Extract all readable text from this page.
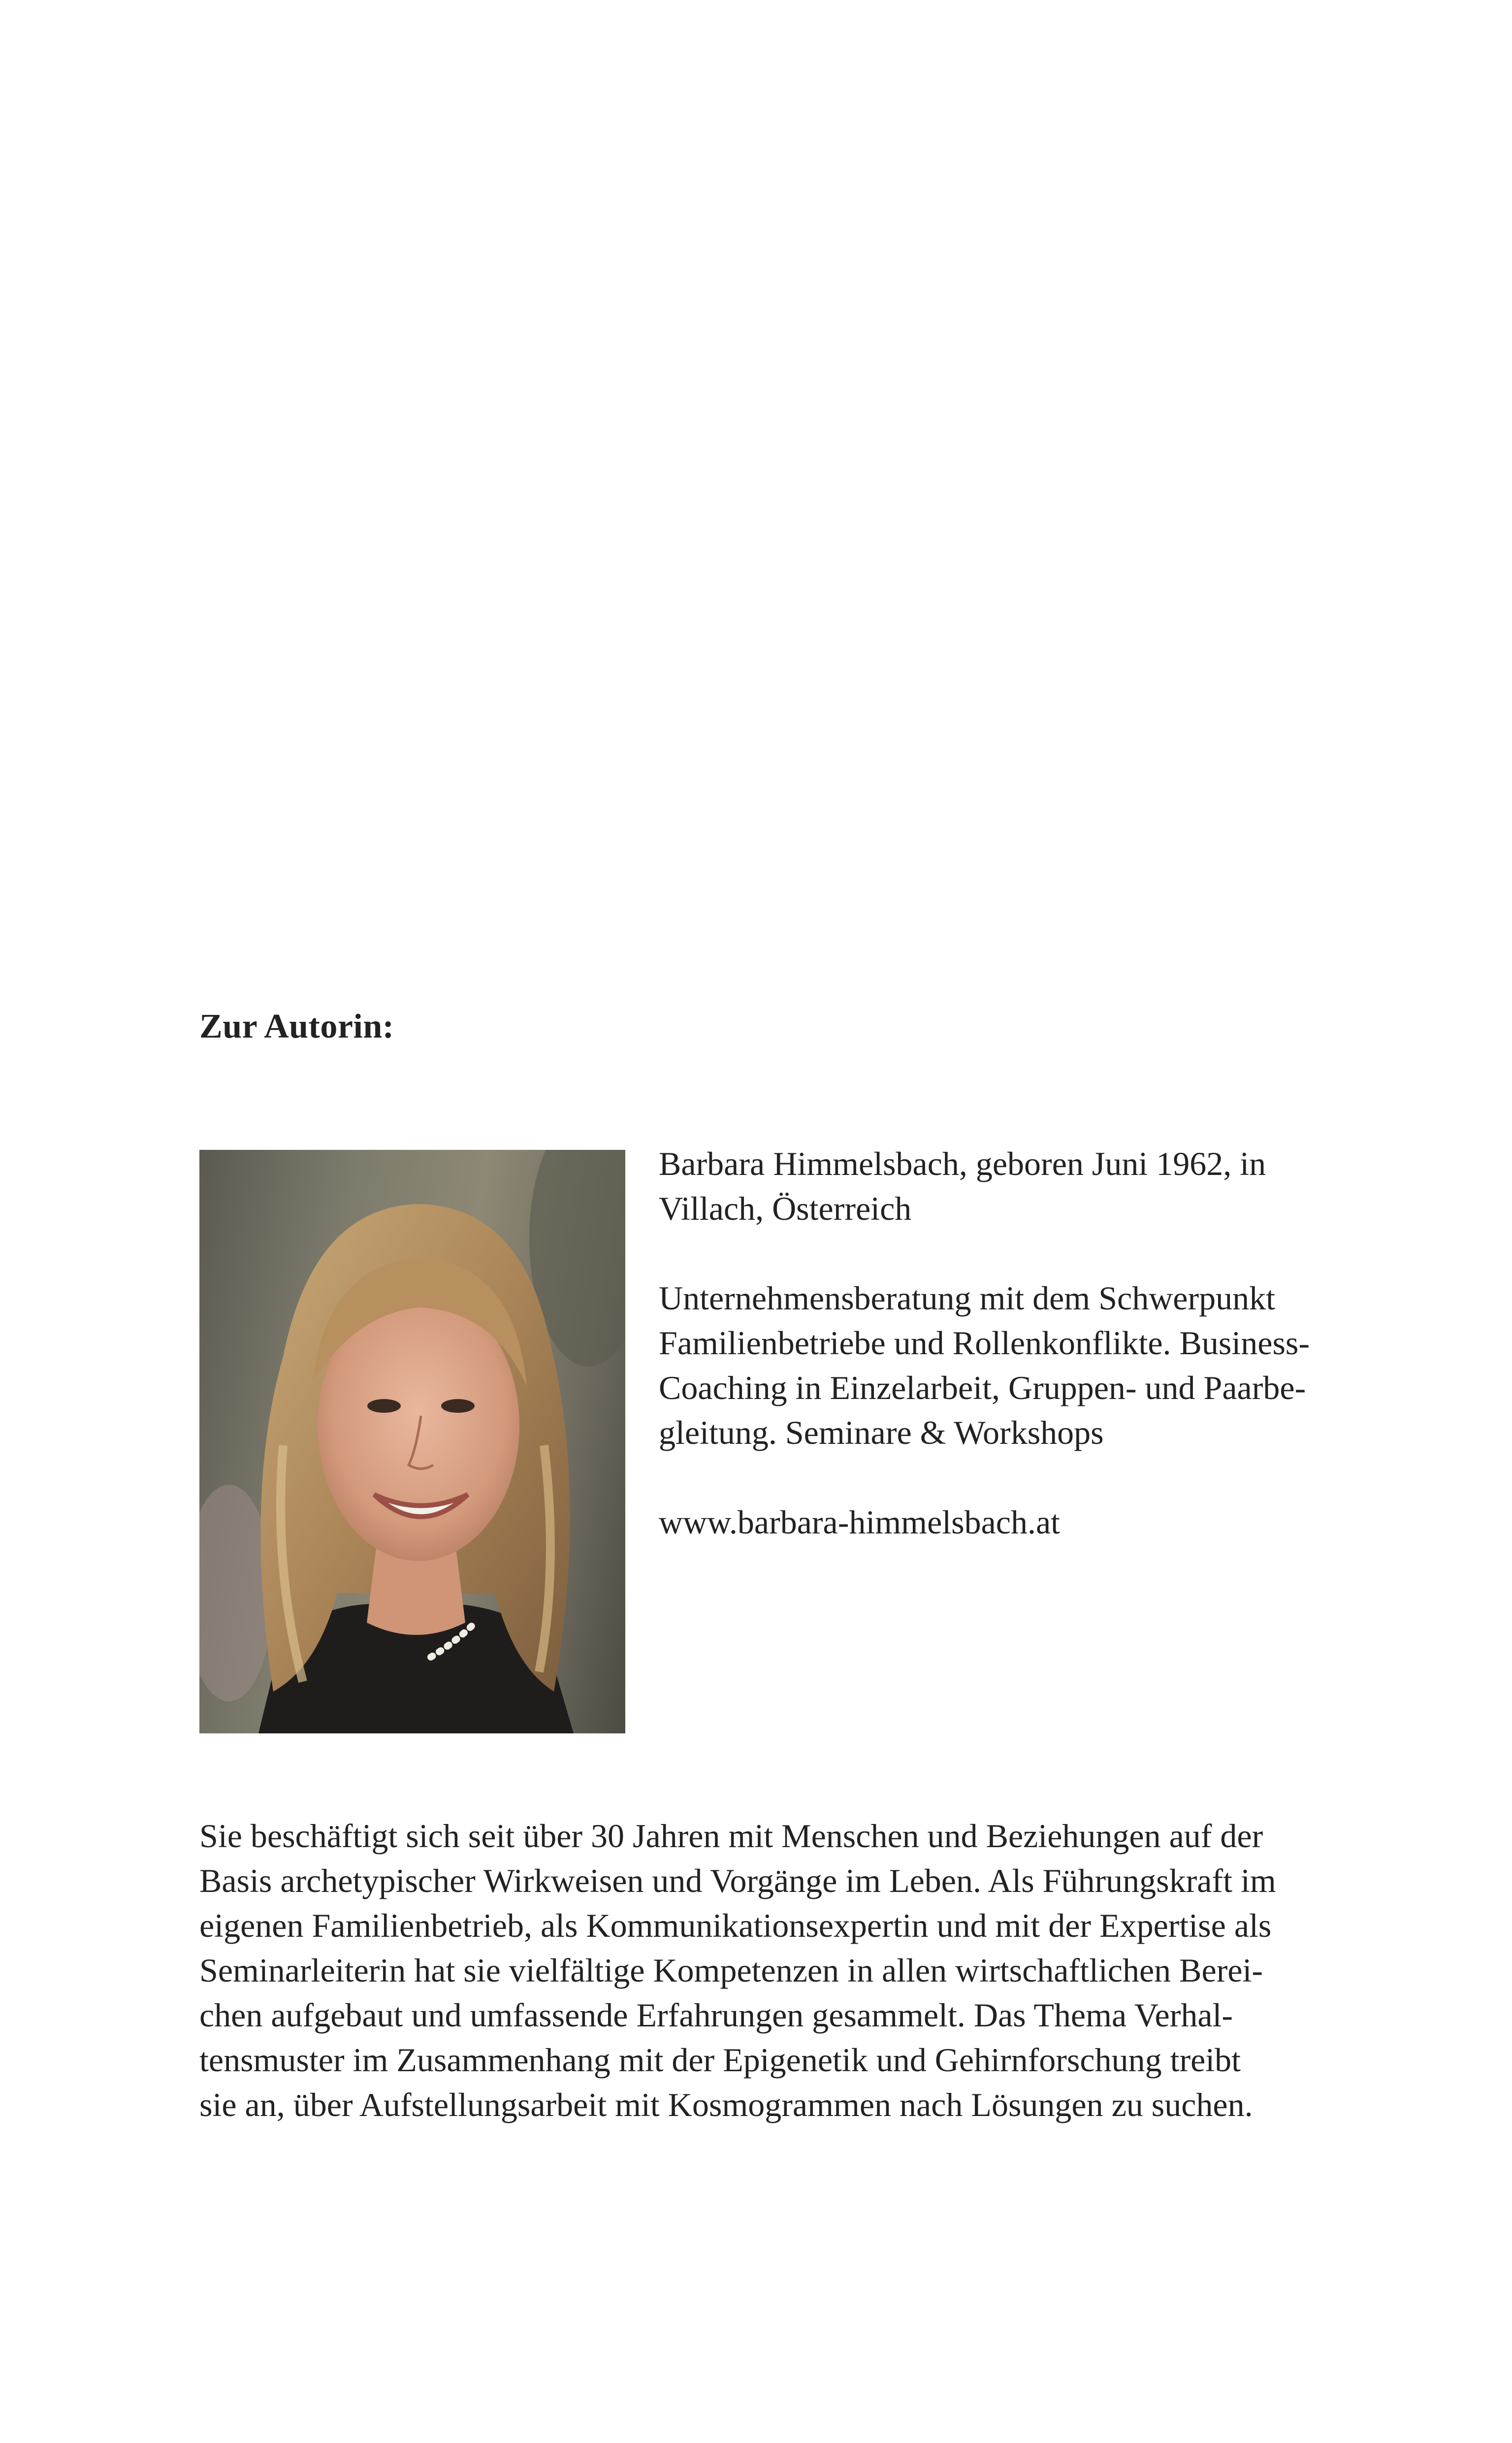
Zur Autorin:

Barbara Himmelsbach, geboren Juni 1962, in

Villach, Österreich

Unternehmensberatung mit dem Schwerpunkt

Familienbetriebe und Rollenkonflikte. Business-

Coaching in Einzelarbeit, Gruppen- und Paarbe-

gleitung. Seminare & Workshops

www.barbara-himmelsbach.at

Sie beschäftigt sich seit über 30 Jahren mit Menschen und Beziehungen auf der
Basis archetypischer Wirkweisen und Vorgänge im Leben. Als Führungskraft im
eigenen Familienbetrieb, als Kommunikationsexpertin und mit der Expertise als
Seminarleiterin hat sie vielfältige Kompetenzen in allen wirtschaftlichen Berei-
chen aufgebaut und umfassende Erfahrungen gesammelt. Das Thema Verhal-
tensmuster im Zusammenhang mit der Epigenetik und Gehirnforschung treibt
sie an, über Aufstellungsarbeit mit Kosmogrammen nach Lösungen zu suchen.
